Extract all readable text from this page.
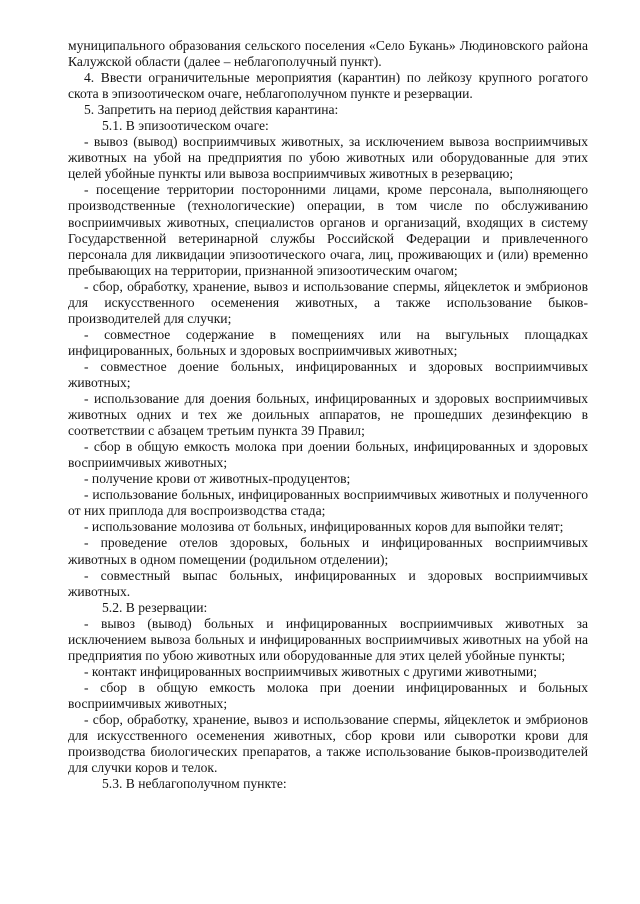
муниципального образования сельского поселения «Село Букань» Людиновского района Калужской области (далее – неблагополучный пункт).

4. Ввести ограничительные мероприятия (карантин) по лейкозу крупного рогатого скота в эпизоотическом очаге, неблагополучном пункте и резервации.

5. Запретить на период действия карантина:

5.1. В эпизоотическом очаге:

- вывоз (вывод) восприимчивых животных, за исключением вывоза восприимчивых животных на убой на предприятия по убою животных или оборудованные для этих целей убойные пункты или вывоза восприимчивых животных в резервацию;

- посещение территории посторонними лицами, кроме персонала, выполняющего производственные (технологические) операции, в том числе по обслуживанию восприимчивых животных, специалистов органов и организаций, входящих в систему Государственной ветеринарной службы Российской Федерации и привлеченного персонала для ликвидации эпизоотического очага, лиц, проживающих и (или) временно пребывающих на территории, признанной эпизоотическим очагом;

- сбор, обработку, хранение, вывоз и использование спермы, яйцеклеток и эмбрионов для искусственного осеменения животных, а также использование быков-производителей для случки;

- совместное содержание в помещениях или на выгульных площадках инфицированных, больных и здоровых восприимчивых животных;

- совместное доение больных, инфицированных и здоровых восприимчивых животных;

- использование для доения больных, инфицированных и здоровых восприимчивых животных одних и тех же доильных аппаратов, не прошедших дезинфекцию в соответствии с абзацем третьим пункта 39 Правил;

- сбор в общую емкость молока при доении больных, инфицированных и здоровых восприимчивых животных;

- получение крови от животных-продуцентов;

- использование больных, инфицированных восприимчивых животных и полученного от них приплода для воспроизводства стада;

- использование молозива от больных, инфицированных коров для выпойки телят;

- проведение отелов здоровых, больных и инфицированных восприимчивых животных в одном помещении (родильном отделении);

- совместный выпас больных, инфицированных и здоровых восприимчивых животных.

5.2. В резервации:

- вывоз (вывод) больных и инфицированных восприимчивых животных за исключением вывоза больных и инфицированных восприимчивых животных на убой на предприятия по убою животных или оборудованные для этих целей убойные пункты;

- контакт инфицированных восприимчивых животных с другими животными;

- сбор в общую емкость молока при доении инфицированных и больных восприимчивых животных;

- сбор, обработку, хранение, вывоз и использование спермы, яйцеклеток и эмбрионов для искусственного осеменения животных, сбор крови или сыворотки крови для производства биологических препаратов, а также использование быков-производителей для случки коров и телок.

5.3. В неблагополучном пункте:
